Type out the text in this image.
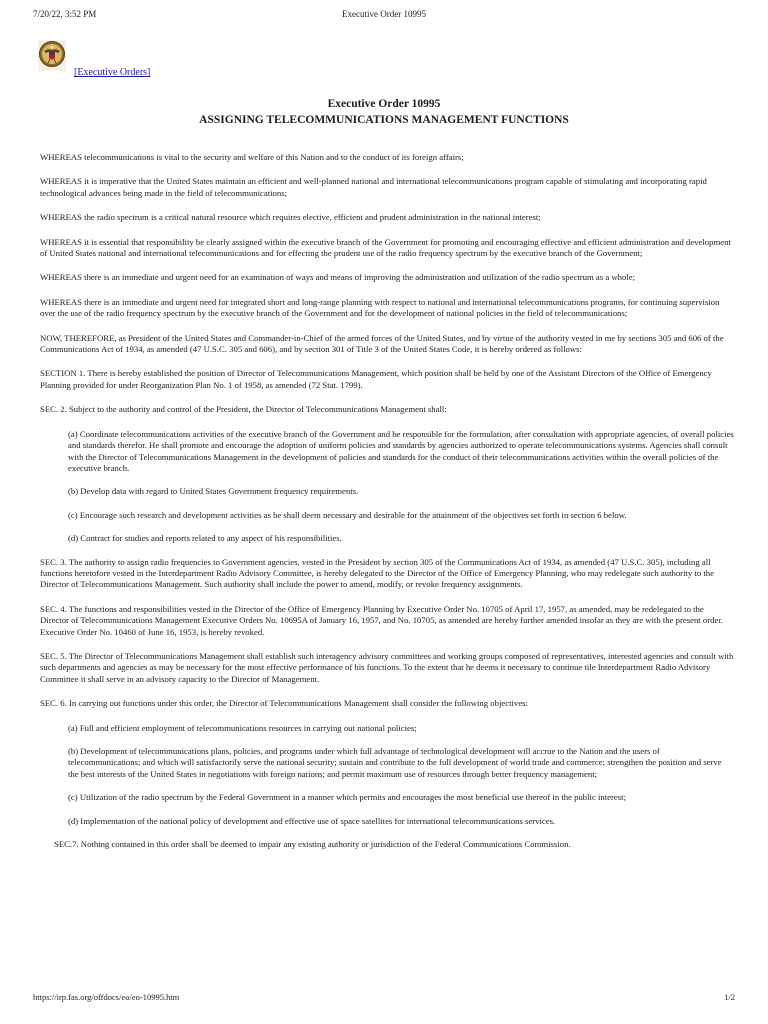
7/20/22, 3:52 PM	Executive Order 10995
[Executive Orders]
Executive Order 10995
ASSIGNING TELECOMMUNICATIONS MANAGEMENT FUNCTIONS

WHEREAS telecommunications is vital to the security and welfare of this Nation and to the conduct of its foreign affairs;

WHEREAS it is imperative that the United States maintain an efficient and well-planned national and international telecommunications program capable of stimulating and incorporating rapid technological advances being made in the field of telecommunications;

WHEREAS the radio spectrum is a critical natural resource which requires elective, efficient and prudent administration in the national interest;

WHEREAS it is essential that responsibility be clearly assigned within the executive branch of the Government for promoting and encouraging effective and efficient administration and development of United States national and international telecommunications and for effecting the prudent use of the radio frequency spectrum by the executive branch of the Government;

WHEREAS there is an immediate and urgent need for an examination of ways and means of improving the administration and utilization of the radio spectrum as a whole;

WHEREAS there is an immediate and urgent need for integrated short and long-range planning with respect to national and international telecommunications programs, for continuing supervision over the use of the radio frequency spectrum by the executive branch of the Government and for the development of national policies in the field of telecommunications;

NOW, THEREFORE, as President of the United States and Commander-in-Chief of the armed forces of the United States, and by virtue of the authority vested in me by sections 305 and 606 of the Communications Act of 1934, as amended (47 U.S.C. 305 and 606), and by section 301 of Title 3 of the United States Code, it is hereby ordered as follows:

SECTION 1. There is hereby established the position of Director of Telecommunications Management, which position shall be held by one of the Assistant Directors of the Office of Emergency Planning provided for under Reorganization Plan No. 1 of 1958, as amended (72 Stat. 1799).

SEC. 2. Subject to the authority and control of the President, the Director of Telecommunications Management shall:

(a) Coordinate telecommunications activities of the executive branch of the Government and be responsible for the formulation, after consultation with appropriate agencies, of overall policies and standards therefor. He shall promote and encourage the adoption of uniform policies and standards by agencies authorized to operate telecommunications systems. Agencies shall consult with the Director of Telecommunications Management in the development of policies and standards for the conduct of their telecommunications activities within the overall policies of the executive branch.

(b) Develop data with regard to United States Government frequency requirements.

(c) Encourage such research and development activities as he shall deem necessary and desirable for the attainment of the objectives set forth in section 6 below.

(d) Contract for studies and reports related to any aspect of his responsibilities.

SEC. 3. The authority to assign radio frequencies to Government agencies, vested in the President by section 305 of the Communications Act of 1934, as amended (47 U.S.C. 305), including all functions heretofore vested in the Interdepartment Radio Advisory Committee, is hereby delegated to the Director of the Office of Emergency Planning, who may redelegate such authority to the Director of Telecommunications Management. Such authority shall include the power to amend, modify, or revoke frequency assignments.

SEC. 4. The functions and responsibilities vested in the Director of the Office of Emergency Planning by Executive Order No. 10705 of April 17, 1957, as amended, may be redelegated to the Director of Telecommunications Management Executive Orders No. 10695A of January 16, 1957, and No. 10705, as amended are hereby further amended insofar as they are with the present order. Executive Order No. 10460 of June 16, 1953, is hereby revoked.

SEC. 5. The Director of Telecommunications Management shall establish such interagency advisory committees and working groups composed of representatives, interested agencies and consult with such departments and agencies as may be necessary for the most effective performance of his functions. To the extent that he deems it necessary to continue tile Interdepartment Radio Advisory Committee it shall serve in an advisory capacity to the Director of Management.

SEC. 6. In carrying out functions under this order, the Director of Telecommunications Management shall consider the following objectives:

(a) Full and efficient employment of telecommunications resources in carrying out national policies;

(b) Development of telecommunications plans, policies, and programs under which full advantage of technological development will accrue to the Nation and the users of telecommunications; and which will satisfactorily serve the national security; sustain and contribute to the full development of world trade and commerce; strengthen the position and serve the best interests of the United States in negotiations with foreign nations; and permit maximum use of resources through better frequency management;

(c) Utilization of the radio spectrum by the Federal Government in a manner which permits and encourages the most beneficial use thereof in the public interest;

(d) Implementation of the national policy of development and effective use of space satellites for international telecommunications services.

SEC.7. Nothing contained in this order shall be deemed to impair any existing authority or jurisdiction of the Federal Communications Commission.

https://irp.fas.org/offdocs/eo/eo-10995.htm	1/2
